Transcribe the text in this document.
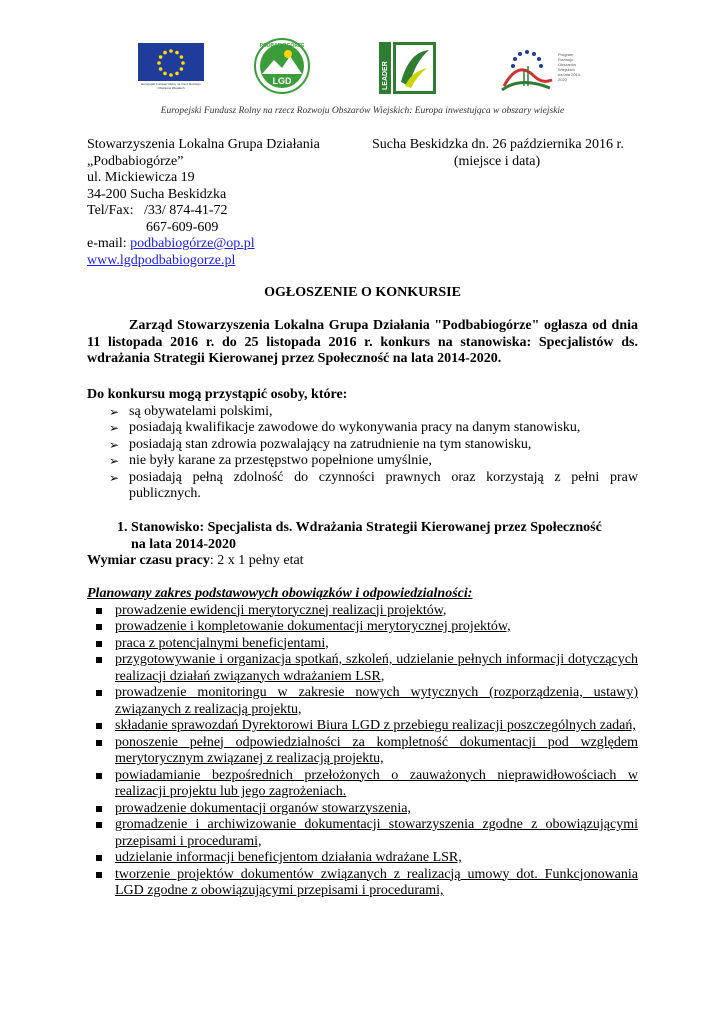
Europejski Fundusz Rolny na rzecz Rozwoju Obszarów Wiejskich
LGD
PODBABIOGÓRZE
LEADER
Program
Rozwoju
Obszarów
Wiejskich
na lata 2014-2020
Europejski Fundusz Rolny na rzecz Rozwoju Obszarów Wiejskich: Europa inwestująca w obszary wiejskie
Stowarzyszenia Lokalna Grupa Działania
„Podbabiogórze”
ul. Mickiewicza 19
34-200 Sucha Beskidzka
Tel/Fax:   /33/ 874-41-72
667-609-609
e-mail: podbabiogórze@op.pl
www.lgdpodbabiogorze.pl
Sucha Beskidzka dn. 26 października 2016 r.
(miejsce i data)
OGŁOSZENIE O KONKURSIE
Zarząd Stowarzyszenia Lokalna Grupa Działania "Podbabiogórze" ogłasza od dnia 11 listopada 2016 r. do 25 listopada 2016 r. konkurs na stanowiska: Specjalistów ds. wdrażania Strategii Kierowanej przez Społeczność na lata 2014-2020.
Do konkursu mogą przystąpić osoby, które:
➢ są obywatelami polskimi,
➢ posiadają kwalifikacje zawodowe do wykonywania pracy na danym stanowisku,
➢ posiadają stan zdrowia pozwalający na zatrudnienie na tym stanowisku,
➢ nie były karane za przestępstwo popełnione umyślnie,
➢ posiadają pełną zdolność do czynności prawnych oraz korzystają z pełni praw publicznych.
1. Stanowisko: Specjalista ds. Wdrażania Strategii Kierowanej przez Społeczność
na lata 2014-2020
Wymiar czasu pracy: 2 x 1 pełny etat
Planowany zakres podstawowych obowiązków i odpowiedzialności:
prowadzenie ewidencji merytorycznej realizacji projektów,
prowadzenie i kompletowanie dokumentacji merytorycznej projektów,
praca z potencjalnymi beneficjentami,
przygotowywanie i organizacja spotkań, szkoleń, udzielanie pełnych informacji dotyczących realizacji działań związanych wdrażaniem LSR,
prowadzenie monitoringu w zakresie nowych wytycznych (rozporządzenia, ustawy) związanych z realizacją projektu,
składanie sprawozdań Dyrektorowi Biura LGD z przebiegu realizacji poszczególnych zadań,
ponoszenie pełnej odpowiedzialności za kompletność dokumentacji pod względem merytorycznym związanej z realizacją projektu,
powiadamianie bezpośrednich przełożonych o zauważonych nieprawidłowościach w realizacji projektu lub jego zagrożeniach.
prowadzenie dokumentacji organów stowarzyszenia,
gromadzenie i archiwizowanie dokumentacji stowarzyszenia zgodne z obowiązującymi przepisami i procedurami,
udzielanie informacji beneficjentom działania wdrażane LSR,
tworzenie projektów dokumentów związanych z realizacją umowy dot. Funkcjonowania LGD zgodne z obowiązującymi przepisami i procedurami,
